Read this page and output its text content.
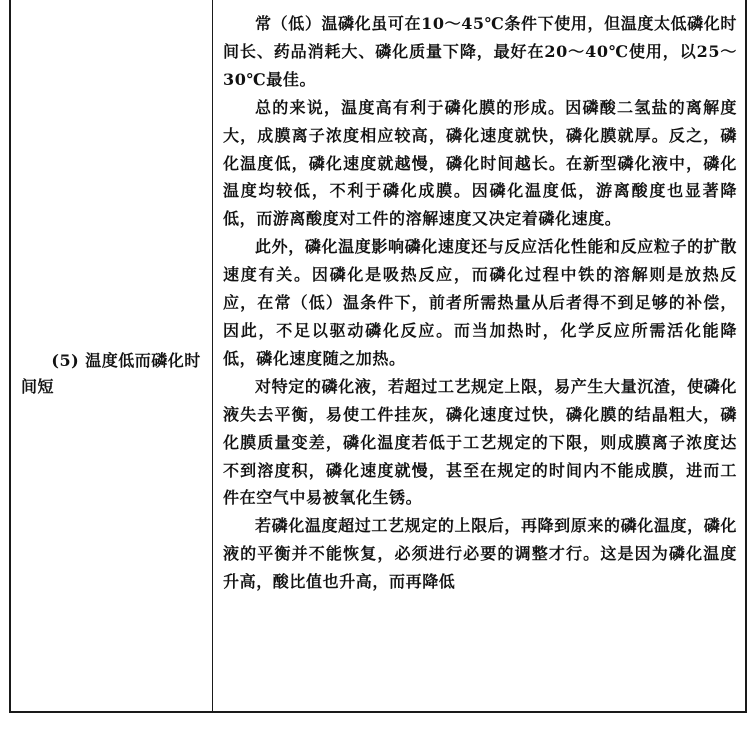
(5) 温度低而磷化时间短

常（低）温磷化虽可在10～45℃条件下使用，但温度太低磷化时间长、药品消耗大、磷化质量下降，最好在20～40℃使用，以25～30℃最佳。

总的来说，温度高有利于磷化膜的形成。因磷酸二氢盐的离解度大，成膜离子浓度相应较高，磷化速度就快，磷化膜就厚。反之，磷化温度低，磷化速度就越慢，磷化时间越长。在新型磷化液中，磷化温度均较低，不利于磷化成膜。因磷化温度低，游离酸度也显著降低，而游离酸度对工件的溶解速度又决定着磷化速度。

此外，磷化温度影响磷化速度还与反应活化性能和反应粒子的扩散速度有关。因磷化是吸热反应，而磷化过程中铁的溶解则是放热反应，在常（低）温条件下，前者所需热量从后者得不到足够的补偿，因此，不足以驱动磷化反应。而当加热时，化学反应所需活化能降低，磷化速度随之加热。

对特定的磷化液，若超过工艺规定上限，易产生大量沉渣，使磷化液失去平衡，易使工件挂灰，磷化速度过快，磷化膜的结晶粗大，磷化膜质量变差，磷化温度若低于工艺规定的下限，则成膜离子浓度达不到溶度积，磷化速度就慢，甚至在规定的时间内不能成膜，进而工件在空气中易被氧化生锈。

若磷化温度超过工艺规定的上限后，再降到原来的磷化温度，磷化液的平衡并不能恢复，必须进行必要的调整才行。这是因为磷化温度升高，酸比值也升高，而再降低
